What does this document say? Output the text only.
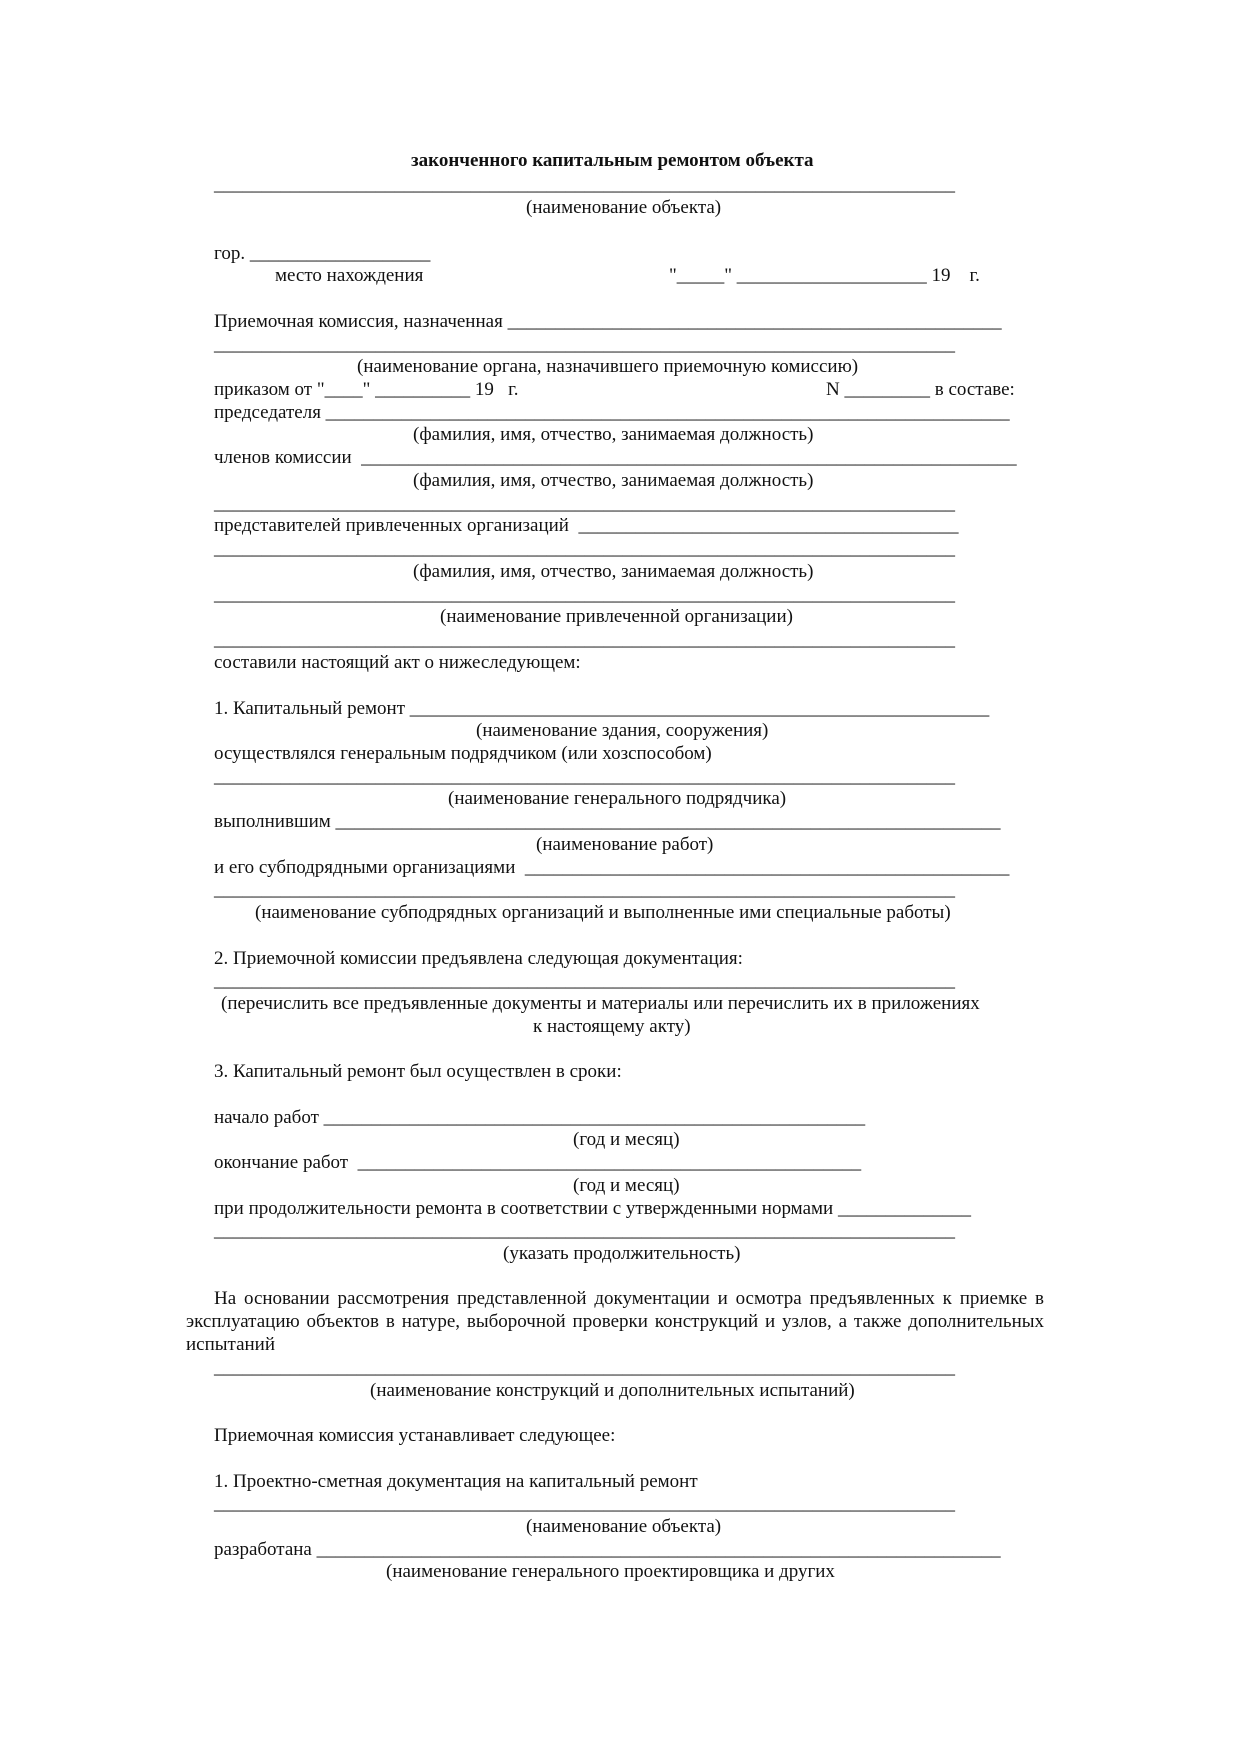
законченного капитальным ремонтом объекта

______________________________________________________________________________

(наименование объекта)

гор. ___________________

место нахождения	"_____" ____________________ 19    г.

Приемочная комиссия, назначенная ____________________________________________________

______________________________________________________________________________

(наименование органа, назначившего приемочную комиссию)

приказом от "____" __________ 19   г.	N _________ в составе:

председателя ________________________________________________________________________

(фамилия, имя, отчество, занимаемая должность)

членов комиссии  _____________________________________________________________________

(фамилия, имя, отчество, занимаемая должность)

______________________________________________________________________________

представителей привлеченных организаций  ________________________________________

______________________________________________________________________________

(фамилия, имя, отчество, занимаемая должность)

______________________________________________________________________________

(наименование привлеченной организации)

______________________________________________________________________________

составили настоящий акт о нижеследующем:

1. Капитальный ремонт _____________________________________________________________

(наименование здания, сооружения)

осуществлялся генеральным подрядчиком (или хозспособом)

______________________________________________________________________________

(наименование генерального подрядчика)

выполнившим ______________________________________________________________________

(наименование работ)

и его субподрядными организациями  ___________________________________________________

______________________________________________________________________________

(наименование субподрядных организаций и выполненные ими специальные работы)

2. Приемочной комиссии предъявлена следующая документация:

______________________________________________________________________________

(перечислить все предъявленные документы и материалы или перечислить их в приложениях

к настоящему акту)

3. Капитальный ремонт был осуществлен в сроки:

начало работ _________________________________________________________

(год и месяц)

окончание работ  _____________________________________________________

(год и месяц)

при продолжительности ремонта в соответствии с утвержденными нормами ______________

______________________________________________________________________________

(указать продолжительность)

На основании рассмотрения представленной документации и осмотра предъявленных к приемке в эксплуатацию объектов в натуре, выборочной проверки конструкций и узлов, а также дополнительных испытаний

______________________________________________________________________________

(наименование конструкций и дополнительных испытаний)

Приемочная комиссия устанавливает следующее:

1. Проектно-сметная документация на капитальный ремонт

______________________________________________________________________________

(наименование объекта)

разработана ________________________________________________________________________

(наименование генерального проектировщика и других
